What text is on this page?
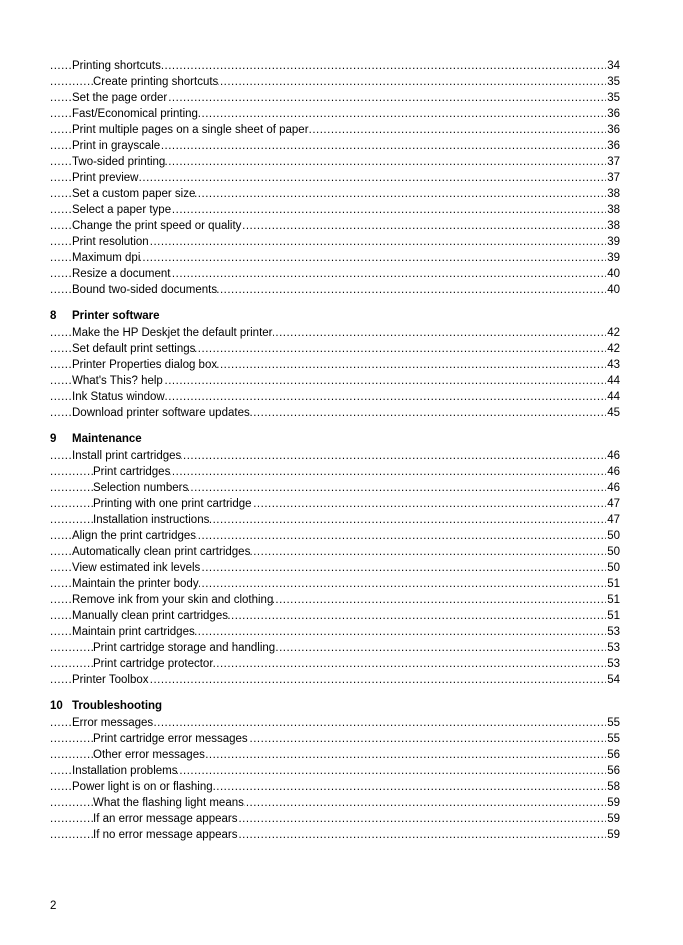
Printing shortcuts	34
.....
Create printing shortcuts	35
.....
Set the page order	35
.....
Fast/Economical printing	36
.....
Print multiple pages on a single sheet of paper	36
.....
Print in grayscale	36
.....
Two-sided printing	37
.....
Print preview	37
.....
Set a custom paper size	38
.....
Select a paper type	38
.....
Change the print speed or quality	38
.....
Print resolution	39
.....
Maximum dpi	39
.....
Resize a document	40
.....
Bound two-sided documents	40
.....
8 Printer software
Make the HP Deskjet the default printer	42
.....
Set default print settings	42
.....
Printer Properties dialog box	43
.....
What's This? help	44
.....
Ink Status window	44
.....
Download printer software updates	45
.....
9 Maintenance
Install print cartridges	46
.....
Print cartridges	46
.....
Selection numbers	46
.....
Printing with one print cartridge	47
.....
Installation instructions	47
.....
Align the print cartridges	50
.....
Automatically clean print cartridges	50
.....
View estimated ink levels	50
.....
Maintain the printer body	51
.....
Remove ink from your skin and clothing	51
.....
Manually clean print cartridges	51
.....
Maintain print cartridges	53
.....
Print cartridge storage and handling	53
.....
Print cartridge protector	53
.....
Printer Toolbox	54
.....
10 Troubleshooting
Error messages	55
.....
Print cartridge error messages	55
.....
Other error messages	56
.....
Installation problems	56
.....
Power light is on or flashing	58
.....
What the flashing light means	59
.....
If an error message appears	59
.....
If no error message appears	59
.....
2
